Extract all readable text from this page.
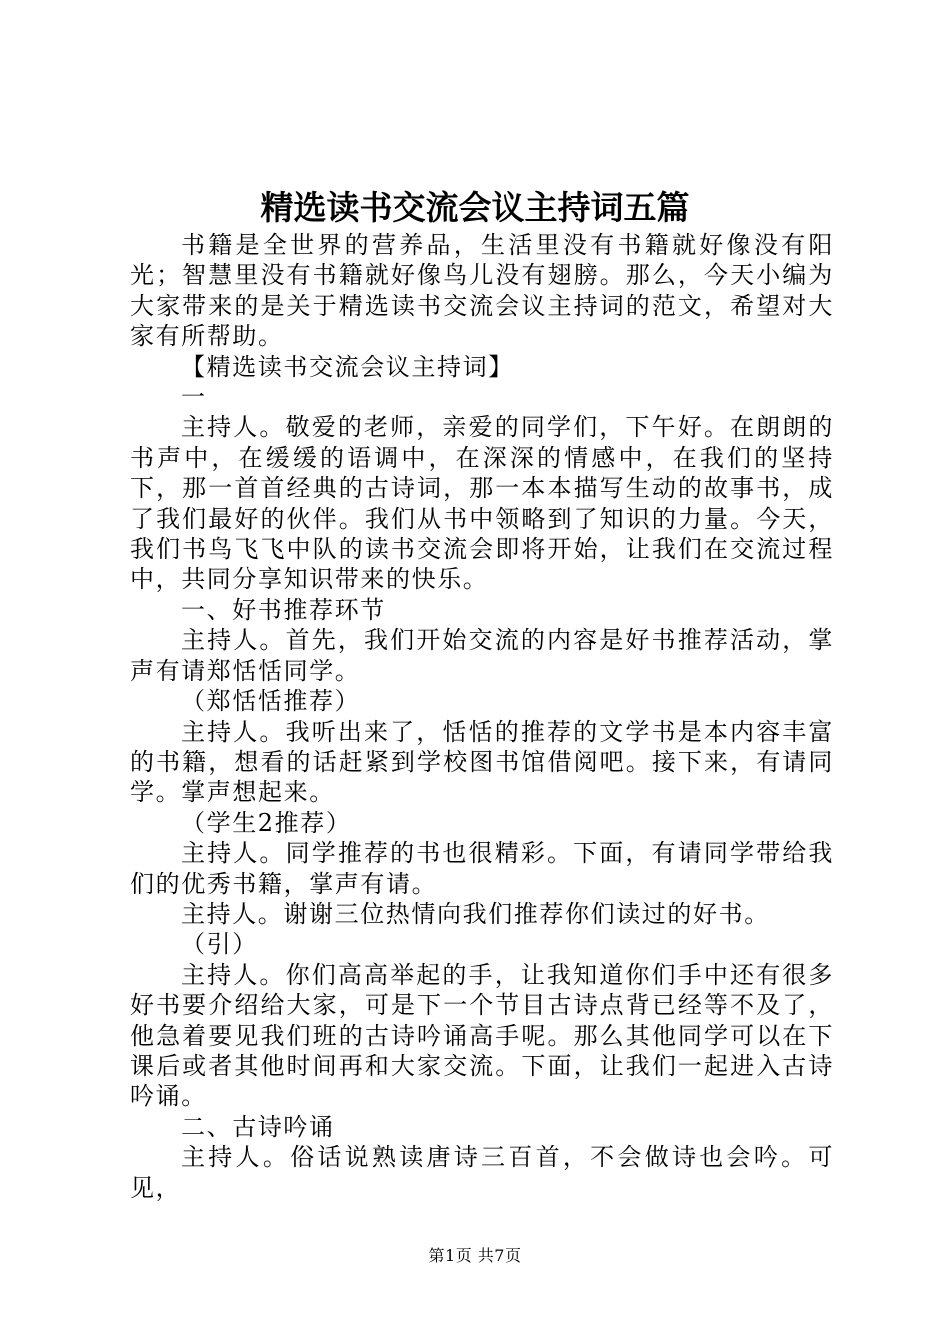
精选读书交流会议主持词五篇

书籍是全世界的营养品，生活里没有书籍就好像没有阳光；智慧里没有书籍就好像鸟儿没有翅膀。那么，今天小编为大家带来的是关于精选读书交流会议主持词的范文，希望对大家有所帮助。

【精选读书交流会议主持词】

一

主持人。敬爱的老师，亲爱的同学们，下午好。在朗朗的书声中，在缓缓的语调中，在深深的情感中，在我们的坚持下，那一首首经典的古诗词，那一本本描写生动的故事书，成了我们最好的伙伴。我们从书中领略到了知识的力量。今天，我们书鸟飞飞中队的读书交流会即将开始，让我们在交流过程中，共同分享知识带来的快乐。

一、好书推荐环节

主持人。首先，我们开始交流的内容是好书推荐活动，掌声有请郑恬恬同学。

（郑恬恬推荐）

主持人。我听出来了，恬恬的推荐的文学书是本内容丰富的书籍，想看的话赶紧到学校图书馆借阅吧。接下来，有请同学。掌声想起来。

（学生2推荐）

主持人。同学推荐的书也很精彩。下面，有请同学带给我们的优秀书籍，掌声有请。

主持人。谢谢三位热情向我们推荐你们读过的好书。

（引）

主持人。你们高高举起的手，让我知道你们手中还有很多好书要介绍给大家，可是下一个节目古诗点背已经等不及了，他急着要见我们班的古诗吟诵高手呢。那么其他同学可以在下课后或者其他时间再和大家交流。下面，让我们一起进入古诗吟诵。

二、古诗吟诵

主持人。俗话说熟读唐诗三百首，不会做诗也会吟。可见，

第1页 共7页
